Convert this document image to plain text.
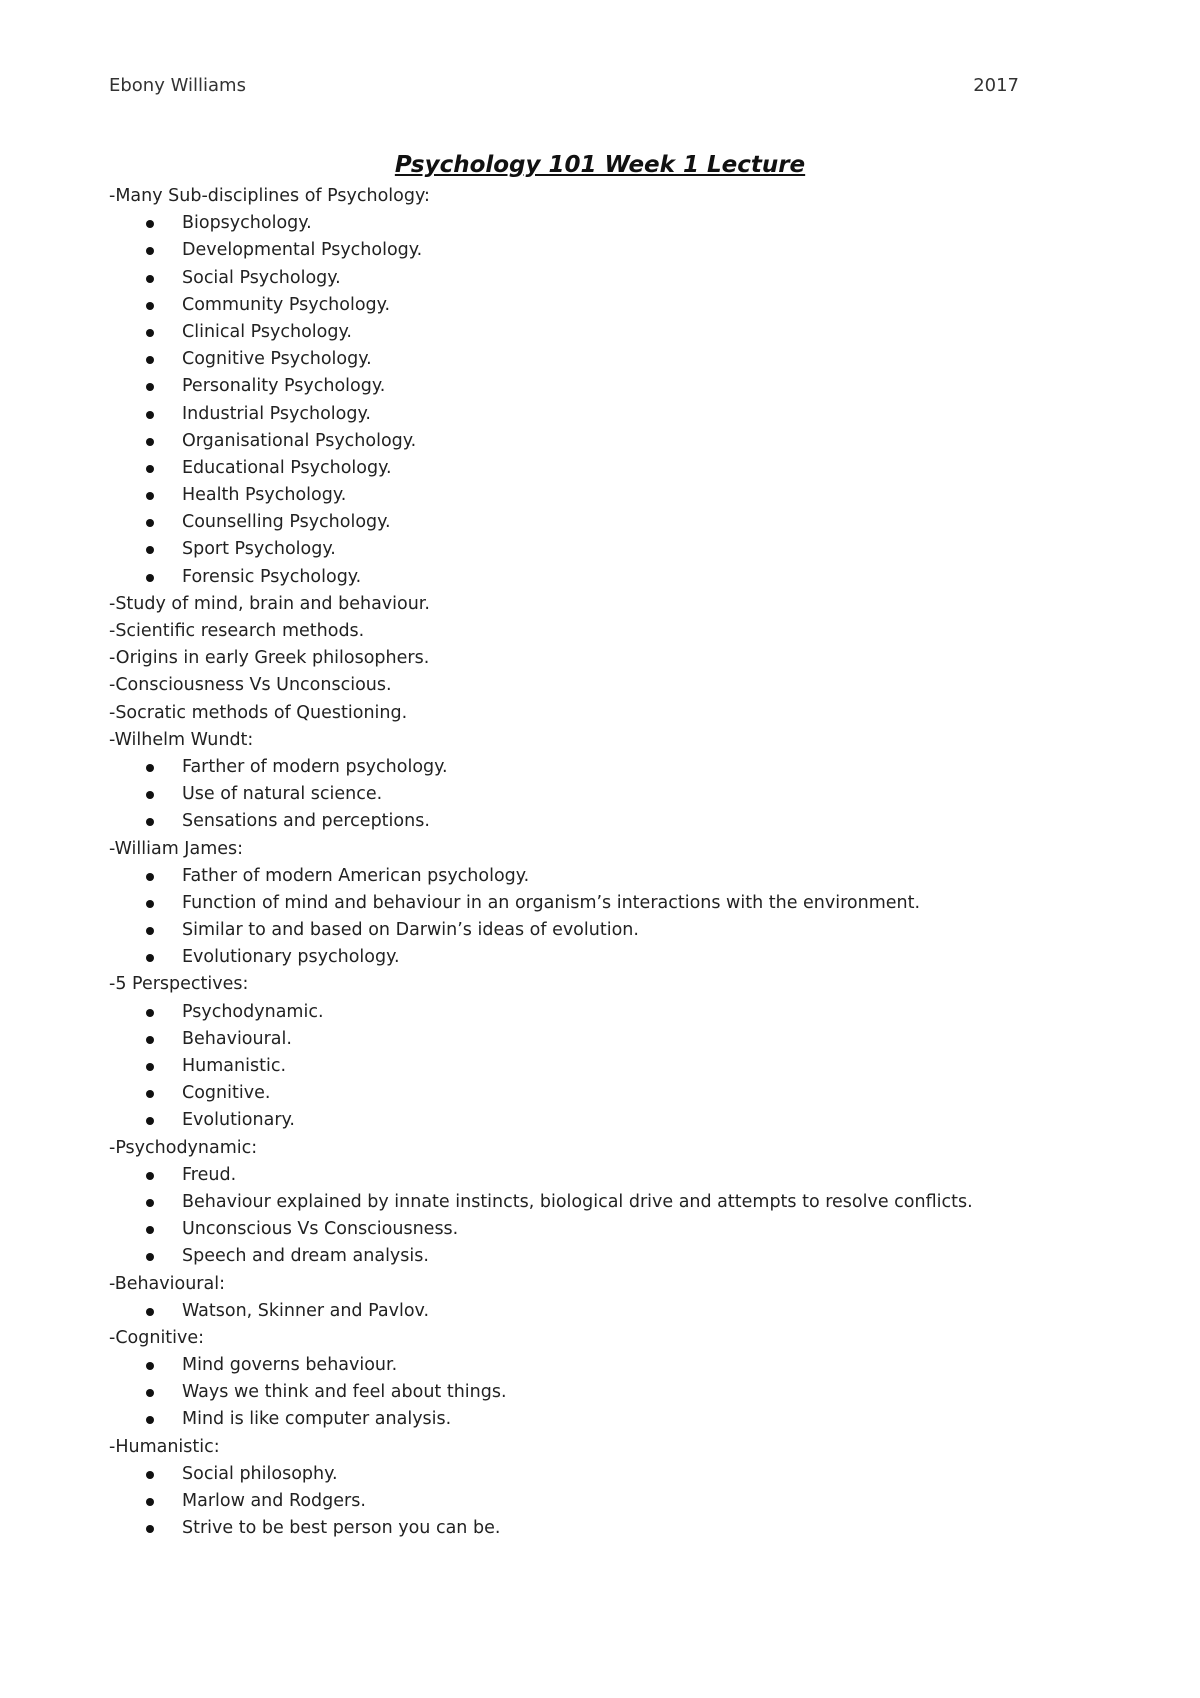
Ebony Williams	2017
Psychology 101 Week 1 Lecture
-Many Sub-disciplines of Psychology:
Biopsychology.
Developmental Psychology.
Social Psychology.
Community Psychology.
Clinical Psychology.
Cognitive Psychology.
Personality Psychology.
Industrial Psychology.
Organisational Psychology.
Educational Psychology.
Health Psychology.
Counselling Psychology.
Sport Psychology.
Forensic Psychology.
-Study of mind, brain and behaviour.
-Scientific research methods.
-Origins in early Greek philosophers.
-Consciousness Vs Unconscious.
-Socratic methods of Questioning.
-Wilhelm Wundt:
Farther of modern psychology.
Use of natural science.
Sensations and perceptions.
-William James:
Father of modern American psychology.
Function of mind and behaviour in an organism’s interactions with the environment.
Similar to and based on Darwin’s ideas of evolution.
Evolutionary psychology.
-5 Perspectives:
Psychodynamic.
Behavioural.
Humanistic.
Cognitive.
Evolutionary.
-Psychodynamic:
Freud.
Behaviour explained by innate instincts, biological drive and attempts to resolve conflicts.
Unconscious Vs Consciousness.
Speech and dream analysis.
-Behavioural:
Watson, Skinner and Pavlov.
-Cognitive:
Mind governs behaviour.
Ways we think and feel about things.
Mind is like computer analysis.
-Humanistic:
Social philosophy.
Marlow and Rodgers.
Strive to be best person you can be.
